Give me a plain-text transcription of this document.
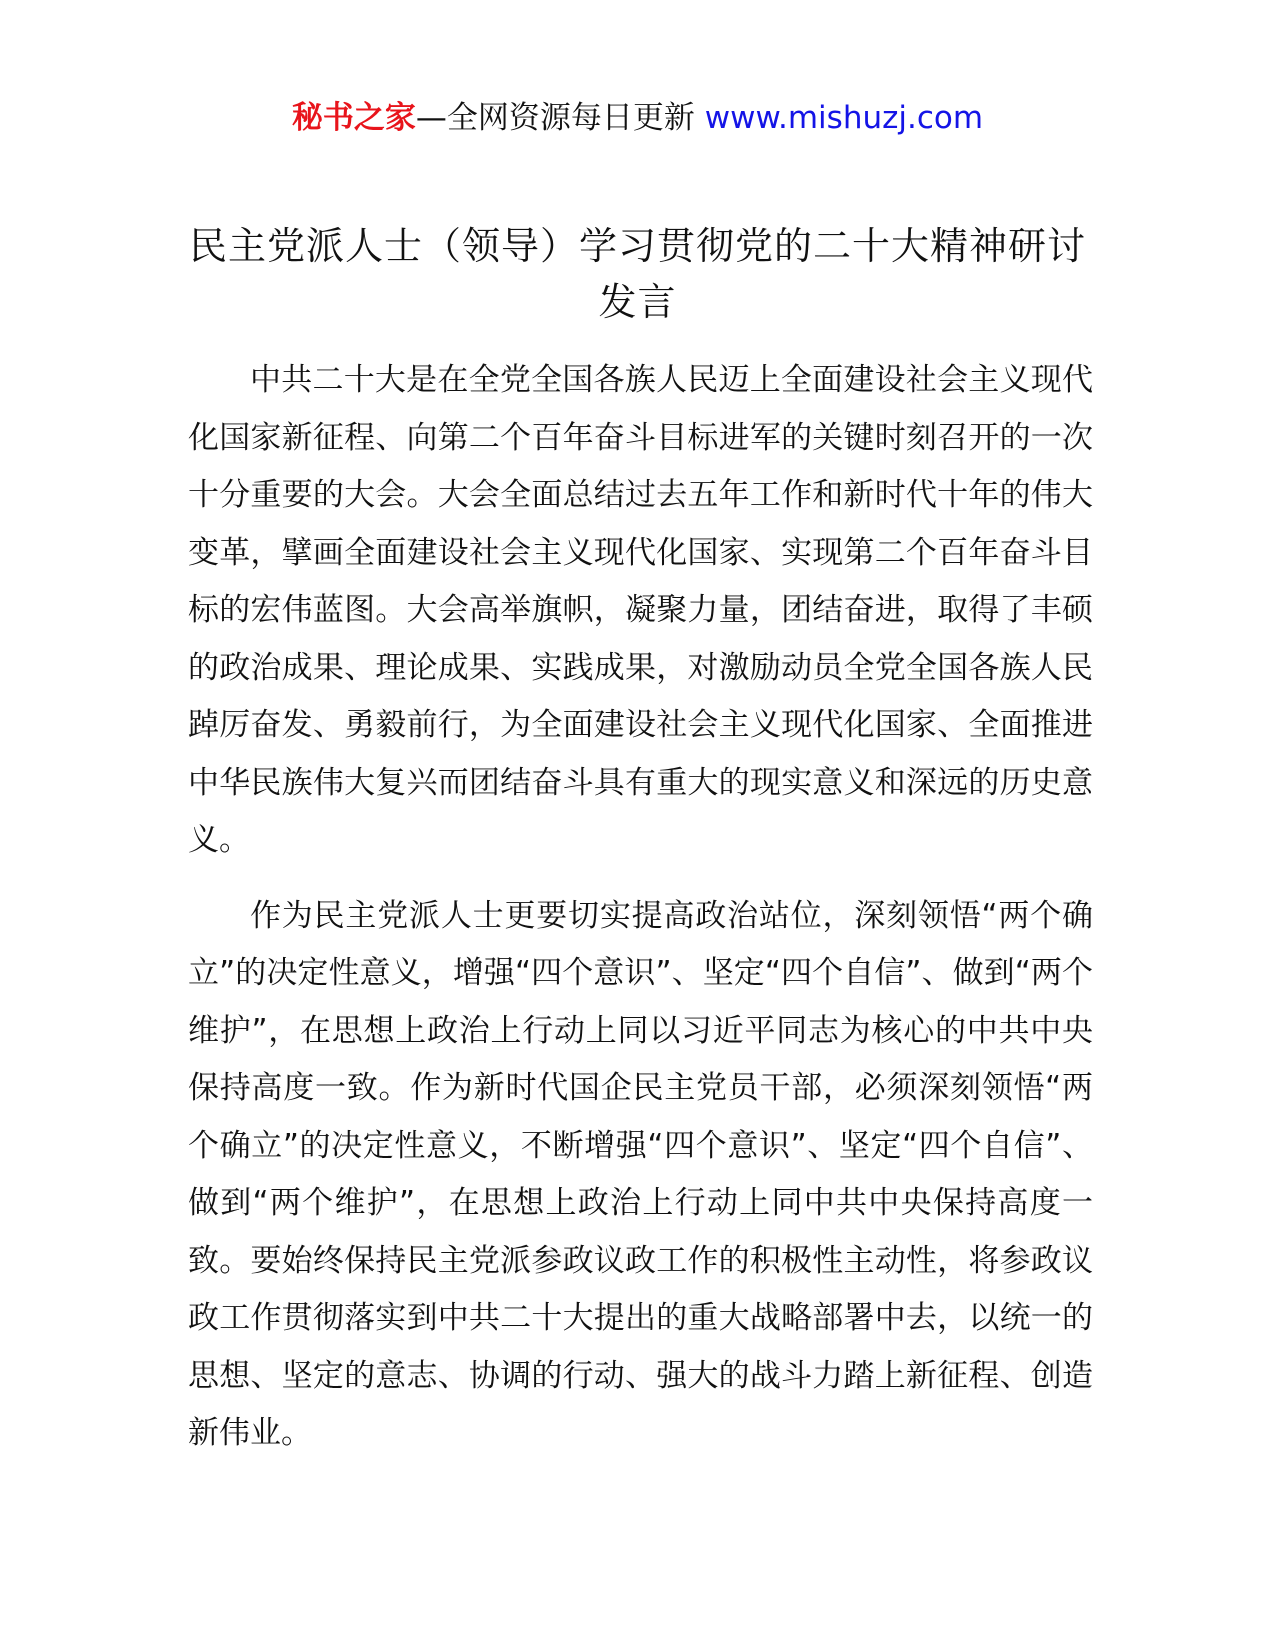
秘书之家—全网资源每日更新 www.mishuzj.com
民主党派人士（领导）学习贯彻党的二十大精神研讨发言

中共二十大是在全党全国各族人民迈上全面建设社会主义现代化国家新征程、向第二个百年奋斗目标进军的关键时刻召开的一次十分重要的大会。大会全面总结过去五年工作和新时代十年的伟大变革，擘画全面建设社会主义现代化国家、实现第二个百年奋斗目标的宏伟蓝图。大会高举旗帜，凝聚力量，团结奋进，取得了丰硕的政治成果、理论成果、实践成果，对激励动员全党全国各族人民踔厉奋发、勇毅前行，为全面建设社会主义现代化国家、全面推进中华民族伟大复兴而团结奋斗具有重大的现实意义和深远的历史意义。

作为民主党派人士更要切实提高政治站位，深刻领悟“两个确立”的决定性意义，增强“四个意识”、坚定“四个自信”、做到“两个维护”，在思想上政治上行动上同以习近平同志为核心的中共中央保持高度一致。作为新时代国企民主党员干部，必须深刻领悟“两个确立”的决定性意义，不断增强“四个意识”、坚定“四个自信”、做到“两个维护”，在思想上政治上行动上同中共中央保持高度一致。要始终保持民主党派参政议政工作的积极性主动性，将参政议政工作贯彻落实到中共二十大提出的重大战略部署中去，以统一的思想、坚定的意志、协调的行动、强大的战斗力踏上新征程、创造新伟业。
